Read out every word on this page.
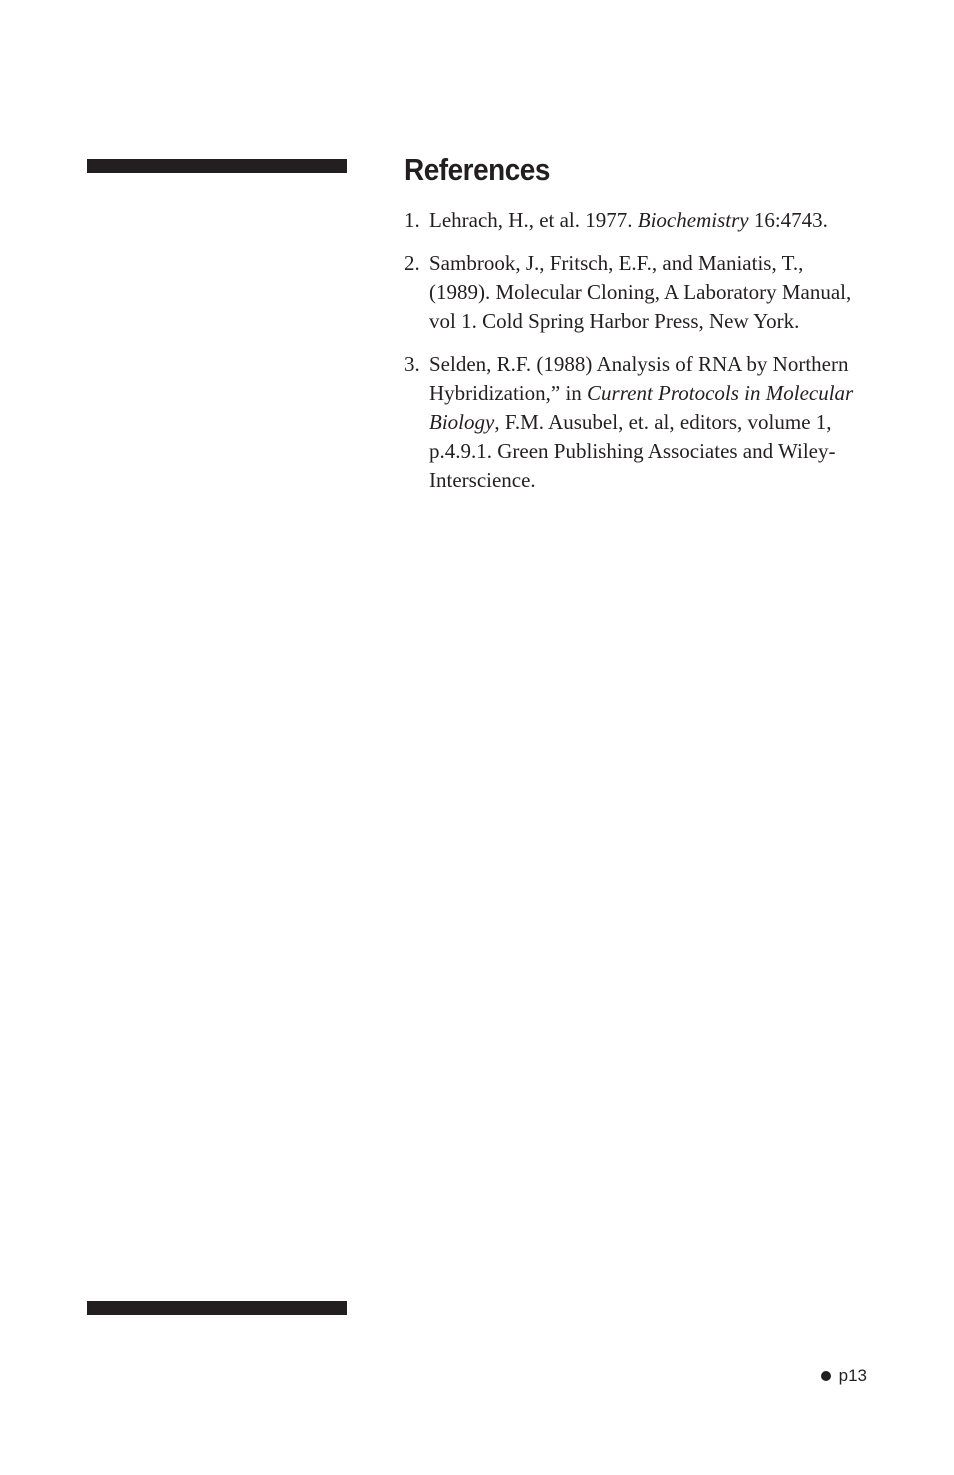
References
1. Lehrach, H., et al. 1977. Biochemistry 16:4743.
2. Sambrook, J., Fritsch, E.F., and Maniatis, T., (1989). Molecular Cloning, A Laboratory Manual, vol 1. Cold Spring Harbor Press, New York.
3. Selden, R.F. (1988) Analysis of RNA by Northern Hybridization,” in Current Protocols in Molecular Biology, F.M. Ausubel, et. al, editors, volume 1, p.4.9.1. Green Publishing Associates and Wiley-Interscience.
p13
